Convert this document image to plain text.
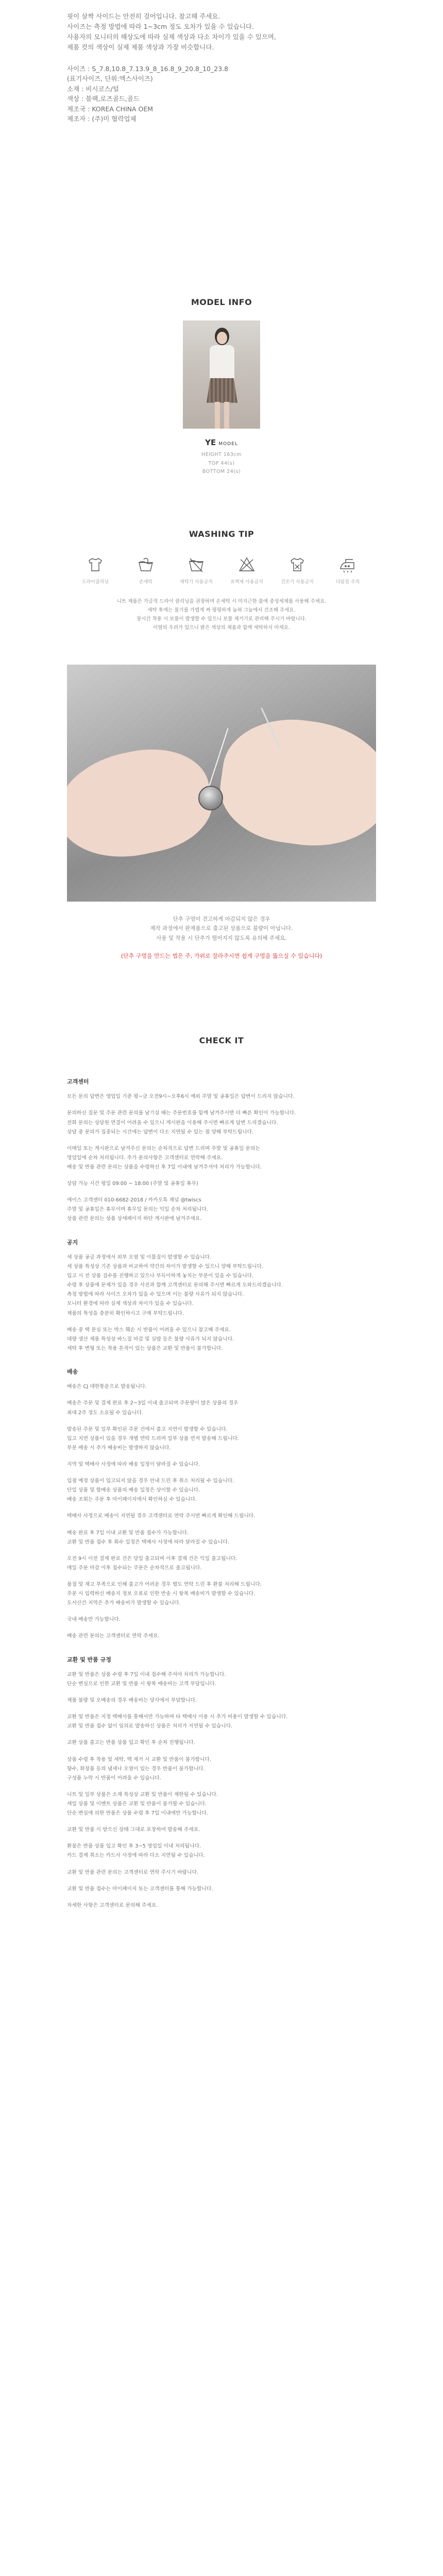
핏이 살짝 사이드는 안전히 걸어입니다. 참고해 주세요.

사이즈는 측정 방법에 따라 1~3cm 정도 오차가 있을 수 있습니다.

사용자의 모니터의 해상도에 따라 실제 색상과 다소 차이가 있을 수 있으며,

제품 컷의 색상이 실제 제품 색상과 가장 비슷합니다.

사이즈 : S_7.8,10.8_7.13.9_8_16.8_9_20.8_10_23.8

(표기사이즈, 단위:엑스사이즈)

소재 : 비시코스/털

색상 : 블랙,로즈골드,골드

제조국 : KOREA CHINA OEM

제조자 : (주)미 협력업체

MODEL INFO
YE MODEL
HEIGHT 163cm
TOP 44(s)
BOTTOM 24(s)
WASHING TIP
드라이클리닝	손세탁	세탁기 사용금지	표백제 사용금지	건조기 사용금지	다림질 주의
니트 제품은 가급적 드라이 클리닝을 권장하며 손세탁 시 미지근한 물에 중성세제를 사용해 주세요.
세탁 후에는 물기를 가볍게 짜 평평하게 눕혀 그늘에서 건조해 주세요.
장시간 착용 시 보풀이 발생할 수 있으니 보풀 제거기로 관리해 주시기 바랍니다.
이염의 우려가 있으니 밝은 색상의 제품과 함께 세탁하지 마세요.
단추 구멍이 견고하게 마감되지 않은 경우
제작 과정에서 완제품으로 출고된 상품으로 불량이 아닙니다.
사용 및 착용 시 단추가 떨어지지 않도록 유의해 주세요.
(단추 구멍을 만드는 법은 주, 가위로 잘라주시면 쉽게 구멍을 뚫으실 수 있습니다)
CHECK IT
고객센터
모든 문의 답변은 영업일 기준 평~금 오전9시~오후6시 예외 주말 및 공휴일은 답변이 드리지 않습니다.
문의하신 질문 및 주문 관련 문의를 남기실 때는 주문번호를 함께 남겨주시면 더 빠른 확인이 가능합니다.
전화 문의는 상담원 연결이 어려울 수 있으니 게시판을 이용해 주시면 빠르게 답변 드리겠습니다.
상담 중 문의가 집중되는 시간에는 답변이 다소 지연될 수 있는 점 양해 부탁드립니다.
이메일 또는 게시판으로 남겨주신 문의는 순차적으로 답변 드리며 주말 및 공휴일 문의는
영업일에 순차 처리됩니다. 추가 문의사항은 고객센터로 연락해 주세요.
배송 및 반품 관련 문의는 상품을 수령하신 후 7일 이내에 남겨주셔야 처리가 가능합니다.
상담 가능 시간 평일 09:00 ~ 18:00 (주말 및 공휴일 휴무)
에이스 고객센터 010-6682-2018 / 카카오톡 채널 @twiscs
주말 및 공휴일은 휴무이며 휴무일 문의는 익일 순차 처리됩니다.
상품 관련 문의는 상품 상세페이지 하단 게시판에 남겨주세요.
공지
세 상품 공급 과정에서 외부 오염 및 이물질이 발생할 수 있습니다.
세 상품 특성상 기존 상품과 비교하여 약간의 차이가 발생할 수 있으니 양해 부탁드립니다.
입고 시 전 상품 검수를 진행하고 있으나 부득이하게 놓치는 부분이 있을 수 있습니다.
수령 후 상품에 문제가 있을 경우 사진과 함께 고객센터로 문의해 주시면 빠르게 도와드리겠습니다.
측정 방법에 따라 사이즈 오차가 있을 수 있으며 이는 불량 사유가 되지 않습니다.
모니터 환경에 따라 실제 색상과 차이가 있을 수 있습니다.
제품의 특성을 충분히 확인하시고 구매 부탁드립니다.
배송 중 택 분실 또는 박스 훼손 시 반품이 어려울 수 있으니 참고해 주세요.
대량 생산 제품 특성상 바느질 마감 및 실밥 등은 불량 사유가 되지 않습니다.
세탁 후 변형 또는 착용 흔적이 있는 상품은 교환 및 반품이 불가합니다.
배송
배송은 CJ 대한통운으로 발송됩니다.
배송은 주문 및 결제 완료 후 2~3일 이내 출고되며 주문량이 많은 상품의 경우
최대 2주 정도 소요될 수 있습니다.
발송된 주문 및 일부 확인된 주문 건에서 출고 지연이 발생할 수 있습니다.
입고 지연 상품이 있을 경우 개별 연락 드리며 일부 상품 먼저 발송해 드립니다.
부분 배송 시 추가 배송비는 발생하지 않습니다.
지역 및 택배사 사정에 따라 배송 일정이 달라질 수 있습니다.
입점 예정 상품이 입고되지 않을 경우 안내 드린 후 취소 처리될 수 있습니다.
단일 상품 및 합배송 상품의 배송 일정은 상이할 수 있습니다.
배송 조회는 주문 후 마이페이지에서 확인하실 수 있습니다.
택배사 사정으로 배송이 지연될 경우 고객센터로 연락 주시면 빠르게 확인해 드립니다.
배송 완료 후 7일 이내 교환 및 반품 접수가 가능합니다.
교환 및 반품 접수 후 회수 일정은 택배사 사정에 따라 달라질 수 있습니다.
오전 9시 이전 결제 완료 건은 당일 출고되며 이후 결제 건은 익일 출고됩니다.
매일 주문 마감 이후 접수되는 주문은 순차적으로 출고됩니다.
품절 및 재고 부족으로 인해 출고가 어려운 경우 별도 연락 드린 후 환불 처리해 드립니다.
주문 시 입력하신 배송지 정보 오류로 인한 반송 시 왕복 배송비가 발생할 수 있습니다.
도서산간 지역은 추가 배송비가 발생할 수 있습니다.
국내 배송만 가능합니다.
배송 관련 문의는 고객센터로 연락 주세요.
교환 및 반품 규정
교환 및 반품은 상품 수령 후 7일 이내 접수해 주셔야 처리가 가능합니다.
단순 변심으로 인한 교환 및 반품 시 왕복 배송비는 고객 부담입니다.
제품 불량 및 오배송의 경우 배송비는 당사에서 부담합니다.
교환 및 반품은 지정 택배사를 통해서만 가능하며 타 택배사 이용 시 추가 비용이 발생할 수 있습니다.
교환 및 반품 접수 없이 임의로 발송하신 상품은 처리가 지연될 수 있습니다.
교환 상품 출고는 반품 상품 입고 확인 후 순차 진행됩니다.
상품 수령 후 착용 및 세탁, 택 제거 시 교환 및 반품이 불가합니다.
향수, 화장품 등의 냄새나 오염이 있는 경우 반품이 불가합니다.
구성품 누락 시 반품이 어려울 수 있습니다.
니트 및 일부 상품은 소재 특성상 교환 및 반품이 제한될 수 있습니다.
세일 상품 및 이벤트 상품은 교환 및 반품이 불가할 수 있습니다.
단순 변심에 의한 반품은 상품 수령 후 7일 이내에만 가능합니다.
교환 및 반품 시 받으신 상태 그대로 포장하여 발송해 주세요.
환불은 반품 상품 입고 확인 후 3~5 영업일 이내 처리됩니다.
카드 결제 취소는 카드사 사정에 따라 다소 지연될 수 있습니다.
교환 및 반품 관련 문의는 고객센터로 연락 주시기 바랍니다.
교환 및 반품 접수는 마이페이지 또는 고객센터를 통해 가능합니다.
자세한 사항은 고객센터로 문의해 주세요.
